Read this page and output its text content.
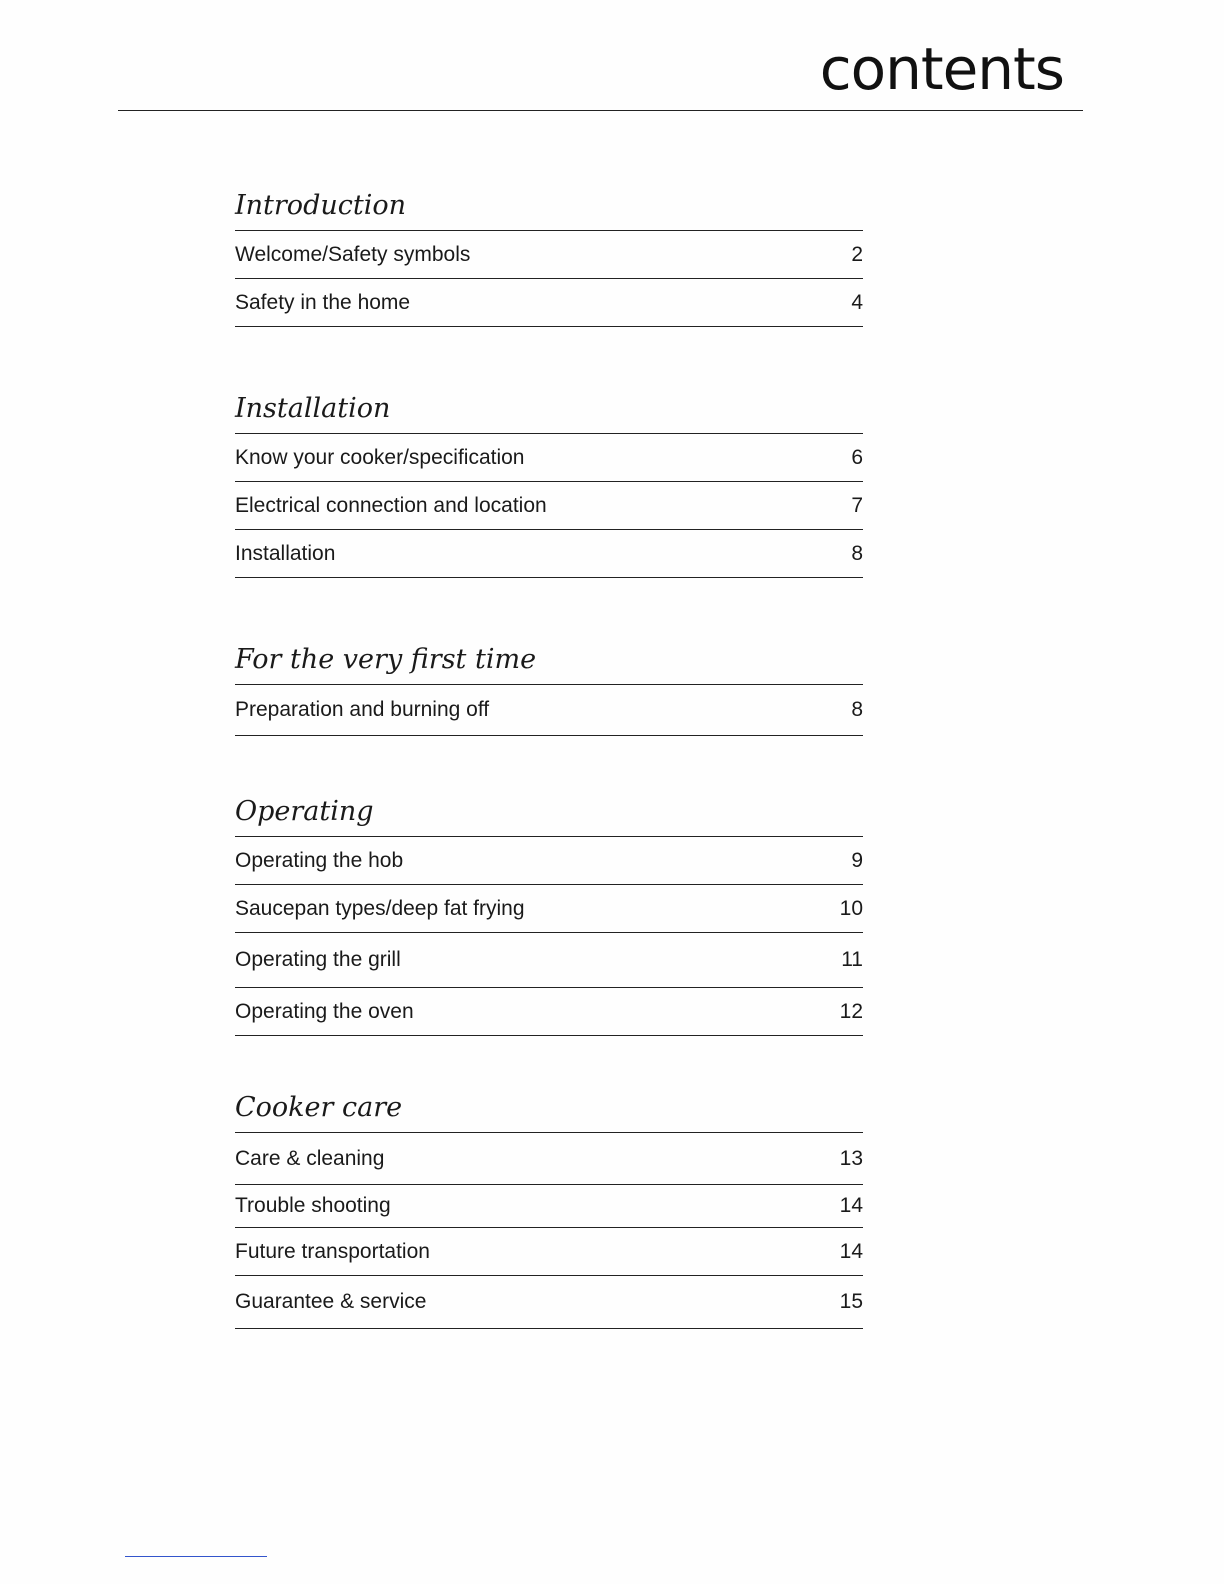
contents
Introduction
Welcome/Safety symbols	2
Safety in the home	4
Installation
Know your cooker/specification	6
Electrical connection and location	7
Installation	8
For the very first time
Preparation and burning off	8
Operating
Operating the hob	9
Saucepan types/deep fat frying	10
Operating the grill	11
Operating the oven	12
Cooker care
Care & cleaning	13
Trouble shooting	14
Future transportation	14
Guarantee & service	15
